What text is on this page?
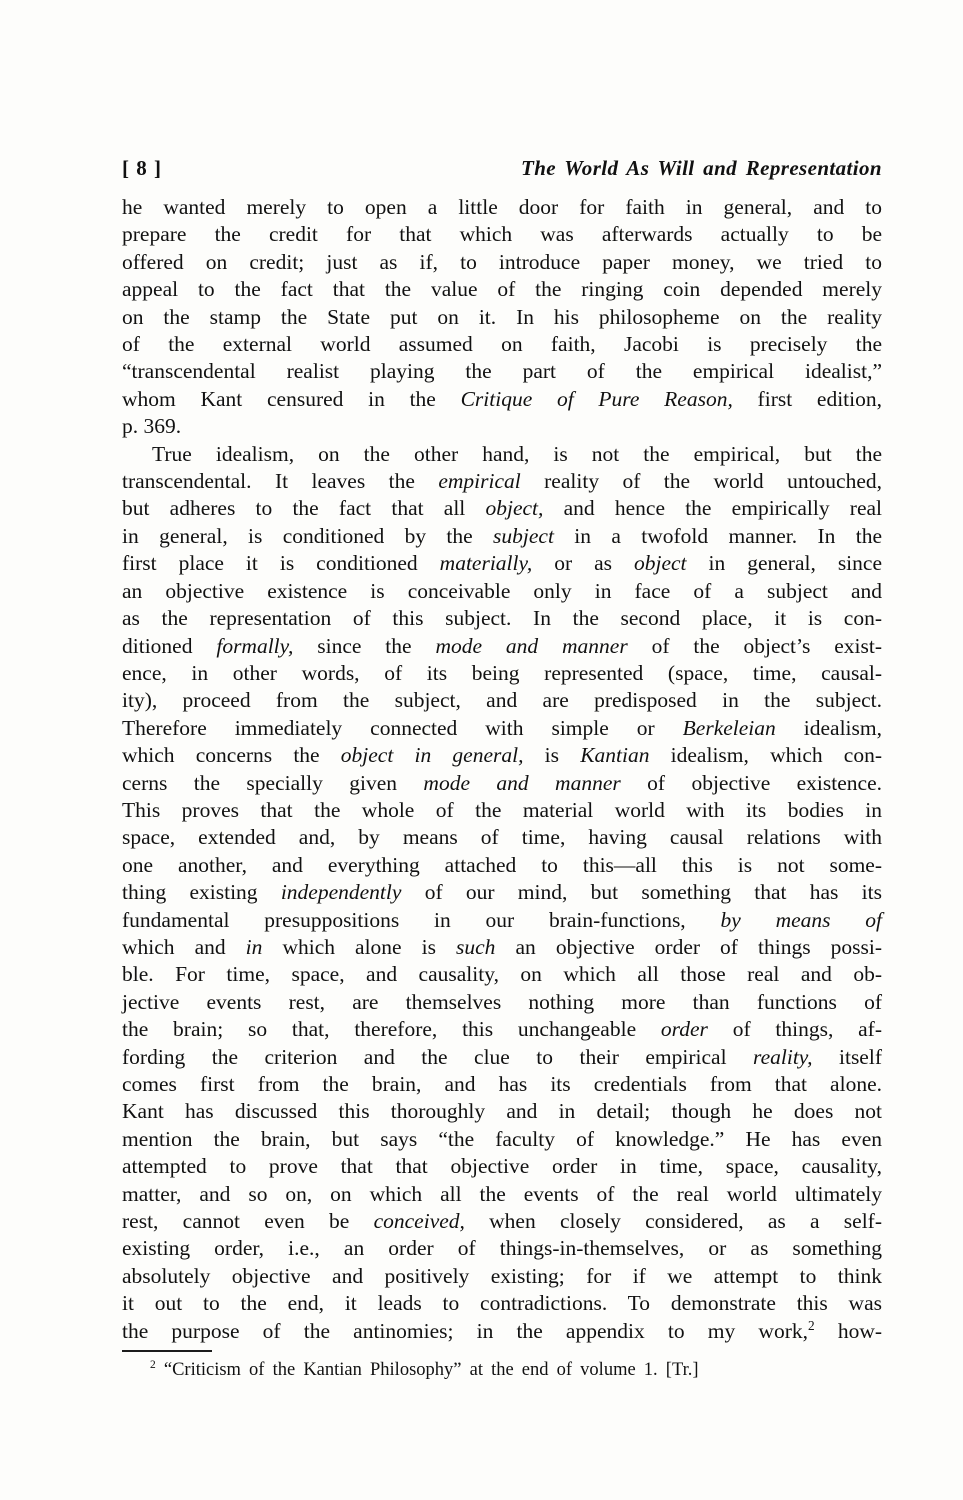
[ 8 ]	The World As Will and Representation
he wanted merely to open a little door for faith in general, and to
prepare the credit for that which was afterwards actually to be
offered on credit; just as if, to introduce paper money, we tried to
appeal to the fact that the value of the ringing coin depended merely
on the stamp the State put on it. In his philosopheme on the reality
of the external world assumed on faith, Jacobi is precisely the
“transcendental realist playing the part of the empirical idealist,”
whom Kant censured in the Critique of Pure Reason, first edition,
p. 369.
True idealism, on the other hand, is not the empirical, but the
transcendental. It leaves the empirical reality of the world untouched,
but adheres to the fact that all object, and hence the empirically real
in general, is conditioned by the subject in a twofold manner. In the
first place it is conditioned materially, or as object in general, since
an objective existence is conceivable only in face of a subject and
as the representation of this subject. In the second place, it is con-
ditioned formally, since the mode and manner of the object’s exist-
ence, in other words, of its being represented (space, time, causal-
ity), proceed from the subject, and are predisposed in the subject.
Therefore immediately connected with simple or Berkeleian idealism,
which concerns the object in general, is Kantian idealism, which con-
cerns the specially given mode and manner of objective existence.
This proves that the whole of the material world with its bodies in
space, extended and, by means of time, having causal relations with
one another, and everything attached to this—all this is not some-
thing existing independently of our mind, but something that has its
fundamental presuppositions in our brain-functions, by means of
which and in which alone is such an objective order of things possi-
ble. For time, space, and causality, on which all those real and ob-
jective events rest, are themselves nothing more than functions of
the brain; so that, therefore, this unchangeable order of things, af-
fording the criterion and the clue to their empirical reality, itself
comes first from the brain, and has its credentials from that alone.
Kant has discussed this thoroughly and in detail; though he does not
mention the brain, but says “the faculty of knowledge.” He has even
attempted to prove that that objective order in time, space, causality,
matter, and so on, on which all the events of the real world ultimately
rest, cannot even be conceived, when closely considered, as a self-
existing order, i.e., an order of things-in-themselves, or as something
absolutely objective and positively existing; for if we attempt to think
it out to the end, it leads to contradictions. To demonstrate this was
the purpose of the antinomies; in the appendix to my work,$^2$ how-
$^2$ “Criticism of the Kantian Philosophy” at the end of volume 1. [Tr.]
